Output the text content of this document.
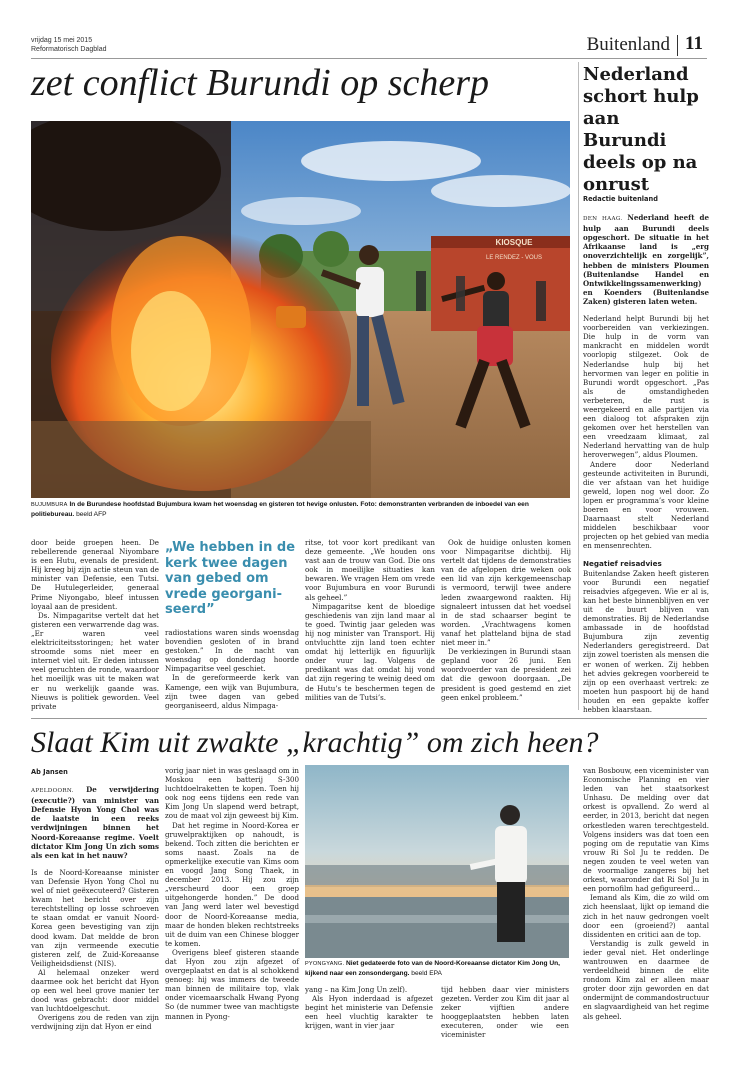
vrijdag 15 mei 2015
Reformatorisch Dagblad	Buitenland 11
zet conflict Burundi op scherp	Nederland schort hulp aan Burundi deels op na onrust
KIOSQUE
LE RENDEZ - VOUS
BUJUMBURA In de Burundese hoofdstad Bujumbura kwam het woensdag en gisteren tot hevige onlusten. Foto: demonstranten verbranden de inboedel van een politiebureau. beeld AFP

door beide groepen heen. De rebellerende generaal Niyombare is een Hutu, evenals de president. Hij kreeg bij zijn actie steun van de minister van Defensie, een Tutsi. De Hutulegerleider, generaal Prime Niyongabo, bleef intussen loyaal aan de president.

Ds. Nimpagaritse vertelt dat het gisteren een verwarrende dag was. „Er waren veel elektriciteitsstoringen; het water stroomde soms niet meer en internet viel uit. Er deden intussen veel geruchten de ronde, waardoor het moeilijk was uit te maken wat er nu werkelijk gaande was. Nieuws is politiek geworden. Veel private

„We hebben in de kerk twee dagen van gebed om vrede georgani-seerd”

radiostations waren sinds woensdag bovendien gesloten of in brand gestoken.” In de nacht van woensdag op donderdag hoorde Nimpagaritse veel geschiet.

In de gereformeerde kerk van Kamenge, een wijk van Bujumbura, zijn twee dagen van gebed georganiseerd, aldus Nimpaga-

ritse, tot voor kort predikant van deze gemeente. „We houden ons vast aan de trouw van God. Die ons ook in moeilijke situaties kan bewaren. We vragen Hem om vrede voor Bujumbura en voor Burundi als geheel.”

Nimpagaritse kent de bloedige geschiedenis van zijn land maar al te goed. Twintig jaar geleden was hij nog minister van Transport. Hij ontvluchtte zijn land toen echter omdat hij letterlijk en figuurlijk onder vuur lag. Volgens de predikant was dat omdat hij vond dat zijn regering te weinig deed om de Hutu’s te beschermen tegen de milities van de Tutsi’s.

Ook de huidige onlusten komen voor Nimpagaritse dichtbij. Hij vertelt dat tijdens de demonstraties van de afgelopen drie weken ook een lid van zijn kerkgemeenschap is vermoord, terwijl twee andere leden zwaargewond raakten. Hij signaleert intussen dat het voedsel in de stad schaarser begint te worden. „Vrachtwagens komen vanaf het platteland bijna de stad niet meer in.”

De verkiezingen in Burundi staan gepland voor 26 juni. Een woordvoerder van de president zei dat die gewoon doorgaan. „De president is goed gestemd en ziet geen enkel probleem.”

Redactie buitenland

DEN HAAG. Nederland heeft de hulp aan Burundi deels opgeschort. De situatie in het Afrikaanse land is „erg onoverzichtelijk en zorgelijk”, hebben de ministers Ploumen (Buitenlandse Handel en Ontwikkelingssamenwerking) en Koenders (Buitenlandse Zaken) gisteren laten weten.

Nederland helpt Burundi bij het voorbereiden van verkiezingen. Die hulp in de vorm van mankracht en middelen wordt voorlopig stilgezet. Ook de Nederlandse hulp bij het hervormen van leger en politie in Burundi wordt opgeschort. „Pas als de omstandigheden verbeteren, de rust is weergekeerd en alle partijen via een dialoog tot afspraken zijn gekomen over het herstellen van een vreedzaam klimaat, zal Nederland hervatting van de hulp heroverwegen”, aldus Ploumen.

Andere door Nederland gesteunde activiteiten in Burundi, die ver afstaan van het huidige geweld, lopen nog wel door. Zo lopen er programma’s voor kleine boeren en voor vrouwen. Daarnaast stelt Nederland middelen beschikbaar voor projecten op het gebied van media en mensenrechten.

Negatief reisadvies

Buitenlandse Zaken heeft gisteren voor Burundi een negatief reisadvies afgegeven. Wie er al is, kan het beste binnenblijven en ver uit de buurt blijven van demonstraties. Bij de Nederlandse ambassade in de hoofdstad Bujumbura zijn zeventig Nederlanders geregistreerd. Dat zijn zowel toeristen als mensen die er wonen of werken. Zij hebben het advies gekregen voorbereid te zijn op een overhaast vertrek: ze moeten hun paspoort bij de hand houden en een gepakte koffer hebben klaarstaan.

Slaat Kim uit zwakte „krachtig” om zich heen?
Ab Jansen

APELDOORN. De verwijdering (executie?) van minister van Defensie Hyon Yong Chol was de laatste in een reeks verdwijningen binnen het Noord-Koreaanse regime. Voelt dictator Kim Jong Un zich soms als een kat in het nauw?

Is de Noord-Koreaanse minister van Defensie Hyon Yong Chol nu wel of niet geëxecuteerd? Gisteren kwam het bericht over zijn terechtstelling op losse schroeven te staan omdat er vanuit Noord-Korea geen bevestiging van zijn dood kwam. Dat meldde de bron van zijn vermeende executie gisteren zelf, de Zuid-Koreaanse Veiligheidsdienst (NIS).

Al helemaal onzeker werd daarmee ook het bericht dat Hyon op een wel heel grove manier ter dood was gebracht: door middel van luchtdoelgeschut.

Overigens zou de reden van zijn verdwijning zijn dat Hyon er eind

vorig jaar niet in was geslaagd om in Moskou een batterij S-300 luchtdoelraketten te kopen. Toen hij ook nog eens tijdens een rede van Kim Jong Un slapend werd betrapt, zou de maat vol zijn geweest bij Kim.

Dat het regime in Noord-Korea er gruwelpraktijken op nahoudt, is bekend. Toch zitten die berichten er soms naast. Zoals na de opmerkelijke executie van Kims oom en voogd Jang Song Thaek, in december 2013. Hij zou zijn „verscheurd door een groep uitgehongerde honden.” De dood van Jang werd later wel bevestigd door de Noord-Koreaanse media, maar de honden bleken rechtstreeks uit de duim van een Chinese blogger te komen.

Overigens bleef gisteren staande dat Hyon zou zijn afgezet of overgeplaatst en dat is al schokkend genoeg: hij was immers de tweede man binnen de militaire top, vlak onder vicemaarschalk Hwang Pyong So (de nummer twee van machtigste mannen in Pyong-

PYONGYANG. Niet gedateerde foto van de Noord-Koreaanse dictator Kim Jong Un, kijkend naar een zonsondergang. beeld EPA

yang – na Kim Jong Un zelf).

Als Hyon inderdaad is afgezet begint het ministerie van Defensie een heel vluchtig karakter te krijgen, want in vier jaar

tijd hebben daar vier ministers gezeten. Verder zou Kim dit jaar al zeker vijftien andere hooggeplaatsten hebben laten executeren, onder wie een viceminister

van Bosbouw, een viceminister van Economische Planning en vier leden van het staatsorkest Unhasu. De melding over dat orkest is opvallend. Zo werd al eerder, in 2013, bericht dat negen orkestleden waren terechtgesteld. Volgens insiders was dat toen een poging om de reputatie van Kims vrouw Ri Sol Ju te redden. De negen zouden te veel weten van de voormalige zangeres bij het orkest, waaronder dat Ri Sol Ju in een pornofilm had gefigureerd...

Iemand als Kim, die zo wild om zich heenslaat, lijkt op iemand die zich in het nauw gedrongen voelt door een (groeiend?) aantal dissidenten en critici aan de top.

Verstandig is zulk geweld in ieder geval niet. Het onderlinge wantrouwen en daarmee de verdeeldheid binnen de elite rondom Kim zal er alleen maar groter door zijn geworden en dat ondermijnt de commandostructuur en slagvaardigheid van het regime als geheel.
